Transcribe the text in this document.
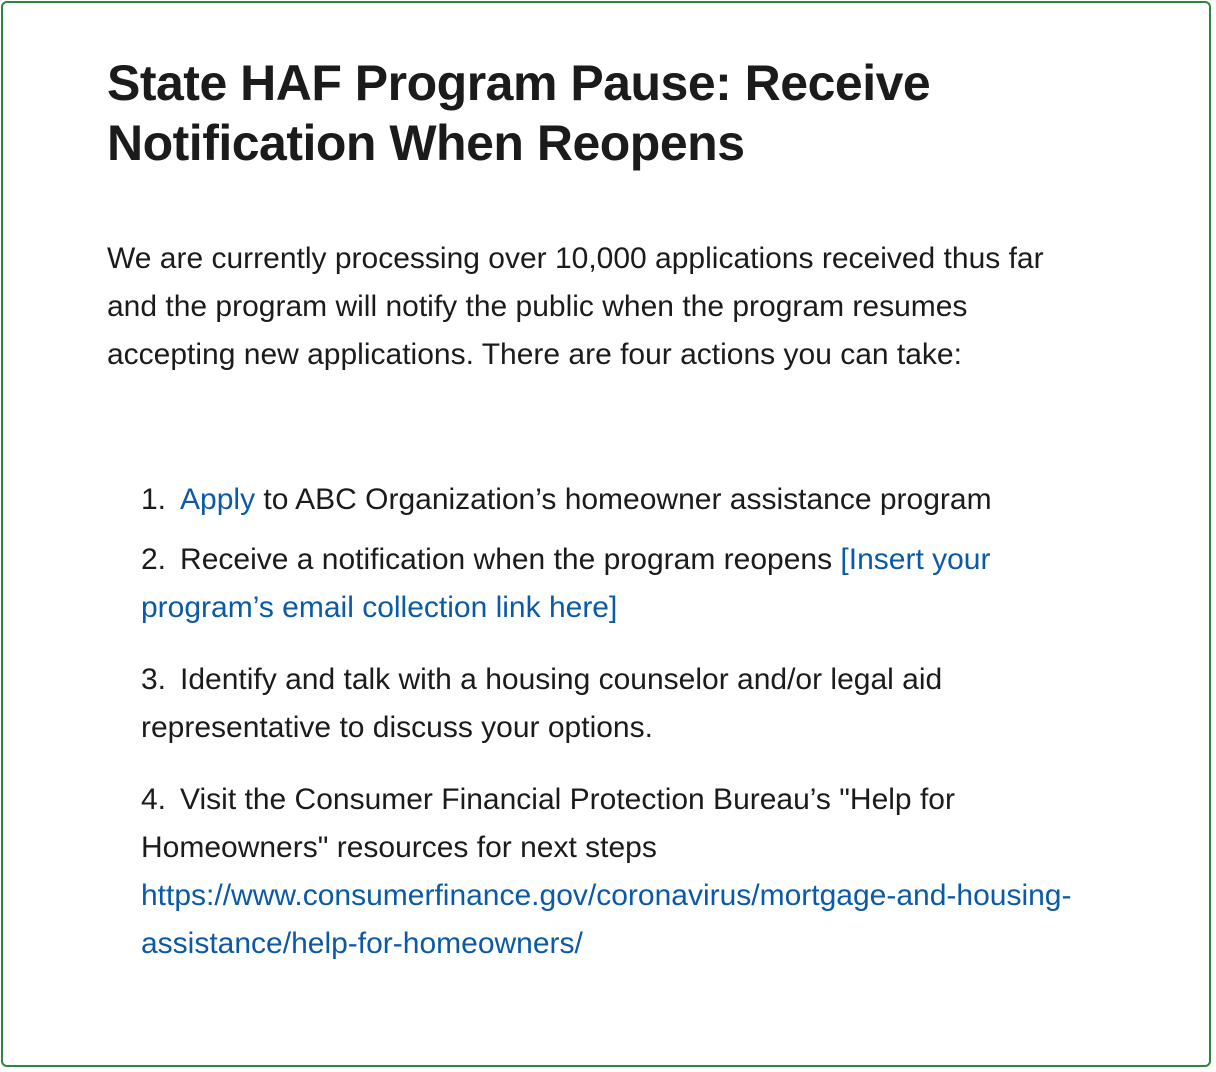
State HAF Program Pause: Receive Notification When Reopens

We are currently processing over 10,000 applications received thus far and the program will notify the public when the program resumes accepting new applications. There are four actions you can take:

1. Apply to ABC Organization’s homeowner assistance program
2. Receive a notification when the program reopens [Insert your program’s email collection link here]
3. Identify and talk with a housing counselor and/or legal aid representative to discuss your options.
4. Visit the Consumer Financial Protection Bureau’s "Help for Homeowners" resources for next steps
https://www.consumerfinance.gov/coronavirus/mortgage-and-housing-assistance/help-for-homeowners/
